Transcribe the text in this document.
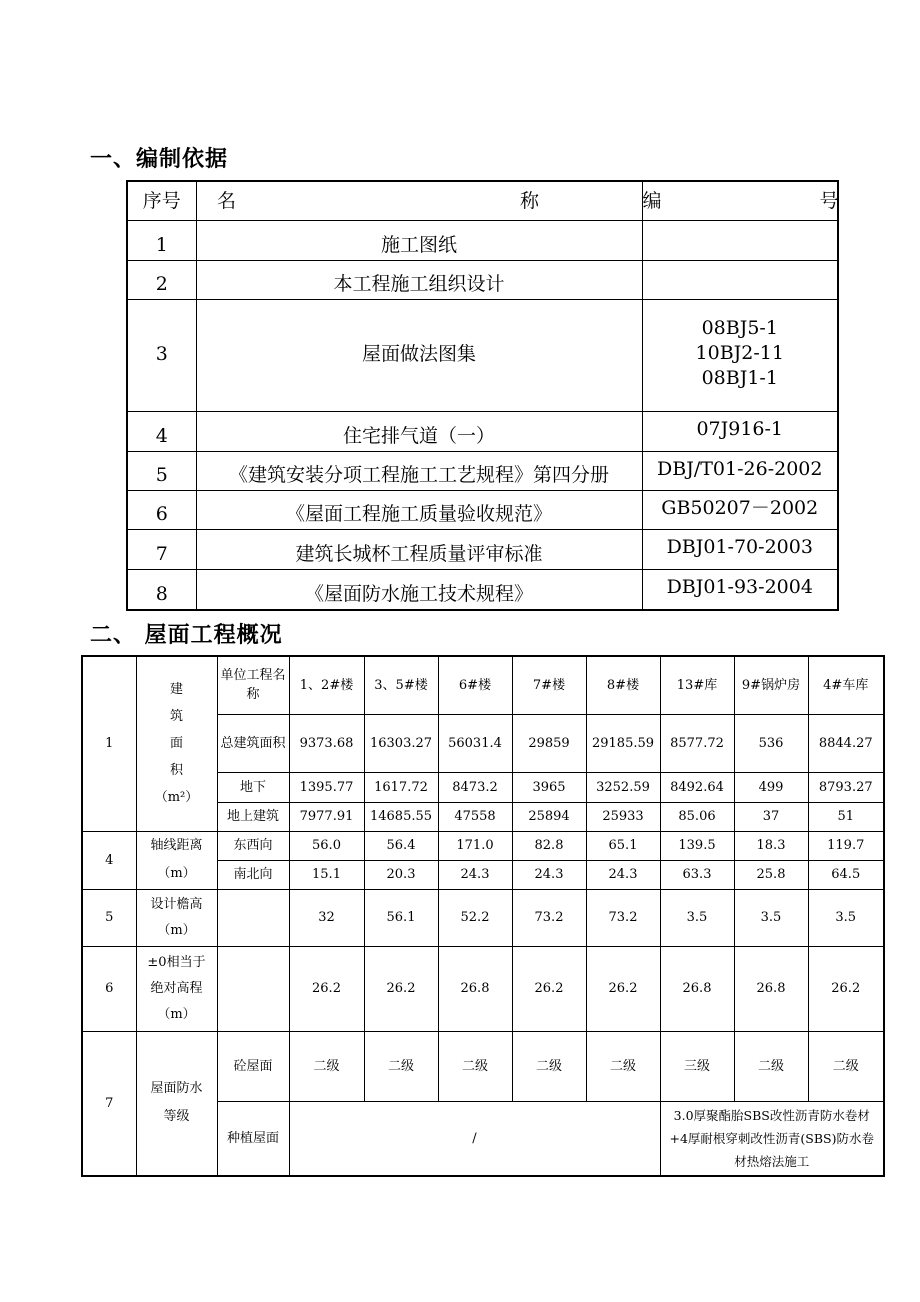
一、编制依据
序号	名　　称	编　　号
1	施工图纸	
2	本工程施工组织设计	
3	屋面做法图集	08BJ5-1
10BJ2-11
08BJ1-1

4	住宅排气道（一）	07J916-1
5	《建筑安装分项工程施工工艺规程》第四分册	DBJ/T01-26-2002
6	《屋面工程施工质量验收规范》	GB50207－2002
7	建筑长城杯工程质量评审标准	DBJ01-70-2003
8	《屋面防水施工技术规程》	DBJ01-93-2004
二、 屋面工程概况
1	建
筑
面
积
（m²）	单位工程名称	1、2#楼	3、5#楼	6#楼	7#楼	8#楼	13#库	9#锅炉房	4#车库
		总建筑面积	9373.68	16303.27	56031.4	29859	29185.59	8577.72	536	8844.27
		地下	1395.77	1617.72	8473.2	3965	3252.59	8492.64	499	8793.27
		地上建筑	7977.91	14685.55	47558	25894	25933	85.06	37	51
4	轴线距离（m）	东西向	56.0	56.4	171.0	82.8	65.1	139.5	18.3	119.7
		南北向	15.1	20.3	24.3	24.3	24.3	63.3	25.8	64.5
5	设计檐高（m）		32	56.1	52.2	73.2	73.2	3.5	3.5	3.5
6	±0相当于绝对高程（m）		26.2	26.2	26.8	26.2	26.2	26.8	26.8	26.2
7	屋面防水等级	砼屋面	二级	二级	二级	二级	二级	三级	二级	二级
		种植屋面	/					3.0厚聚酯胎SBS改性沥青防水卷材+4厚耐根穿刺改性沥青(SBS)防水卷材热熔法施工		
